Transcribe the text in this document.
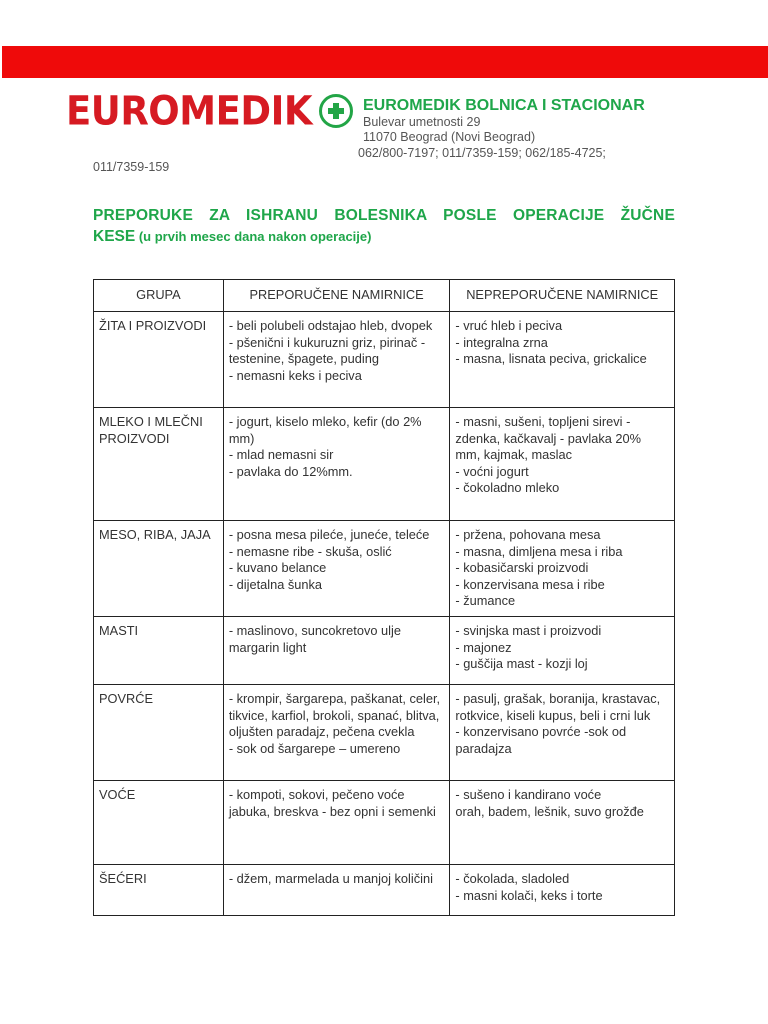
EUROMEDIK	EUROMEDIK BOLNICA I STACIONAR
Bulevar umetnosti 29
11070 Beograd (Novi Beograd)
062/800-7197; 011/7359-159; 062/185-4725;
011/7359-159
PREPORUKE ZA ISHRANU BOLESNIKA POSLE OPERACIJE ŽUČNE
KESE (u prvih mesec dana nakon operacije)
GRUPA	PREPORUČENE NAMIRNICE	NEPREPORUČENE NAMIRNICE
ŽITA I PROIZVODI	- beli polubeli odstajao hleb, dvopek
- pšenični i kukuruzni griz, pirinač - testenine, špagete, puding
- nemasni keks i peciva	- vruć hleb i peciva
- integralna zrna
- masna, lisnata peciva, grickalice

MLEKO I MLEČNI PROIZVODI	- jogurt, kiselo mleko, kefir (do 2% mm)
- mlad nemasni sir
- pavlaka do 12%mm.	- masni, sušeni, topljeni sirevi - zdenka, kačkavalj - pavlaka 20% mm, kajmak, maslac
- voćni jogurt
- čokoladno mleko

MESO, RIBA, JAJA	- posna mesa pileće, juneće, teleće
- nemasne ribe - skuša, oslić
- kuvano belance
- dijetalna šunka	- pržena, pohovana mesa
- masna, dimljena mesa i riba
- kobasičarski proizvodi
- konzervisana mesa i ribe
- žumance

MASTI	- maslinovo, suncokretovo ulje margarin light	- svinjska mast i proizvodi
- majonez
- guščija mast - kozji loj

POVRĆE	- krompir, šargarepa, paškanat, celer, tikvice, karfiol, brokoli, spanać, blitva, oljušten paradajz, pečena cvekla
- sok od šargarepe – umereno	- pasulj, grašak, boranija, krastavac, rotkvice, kiseli kupus, beli i crni luk
- konzervisano povrće -sok od paradajza

VOĆE	- kompoti, sokovi, pečeno voće jabuka, breskva - bez opni i semenki	- sušeno i kandirano voće
orah, badem, lešnik, suvo grožđe

ŠEĆERI	- džem, marmelada u manjoj količini	- čokolada, sladoled
- masni kolači, keks i torte
